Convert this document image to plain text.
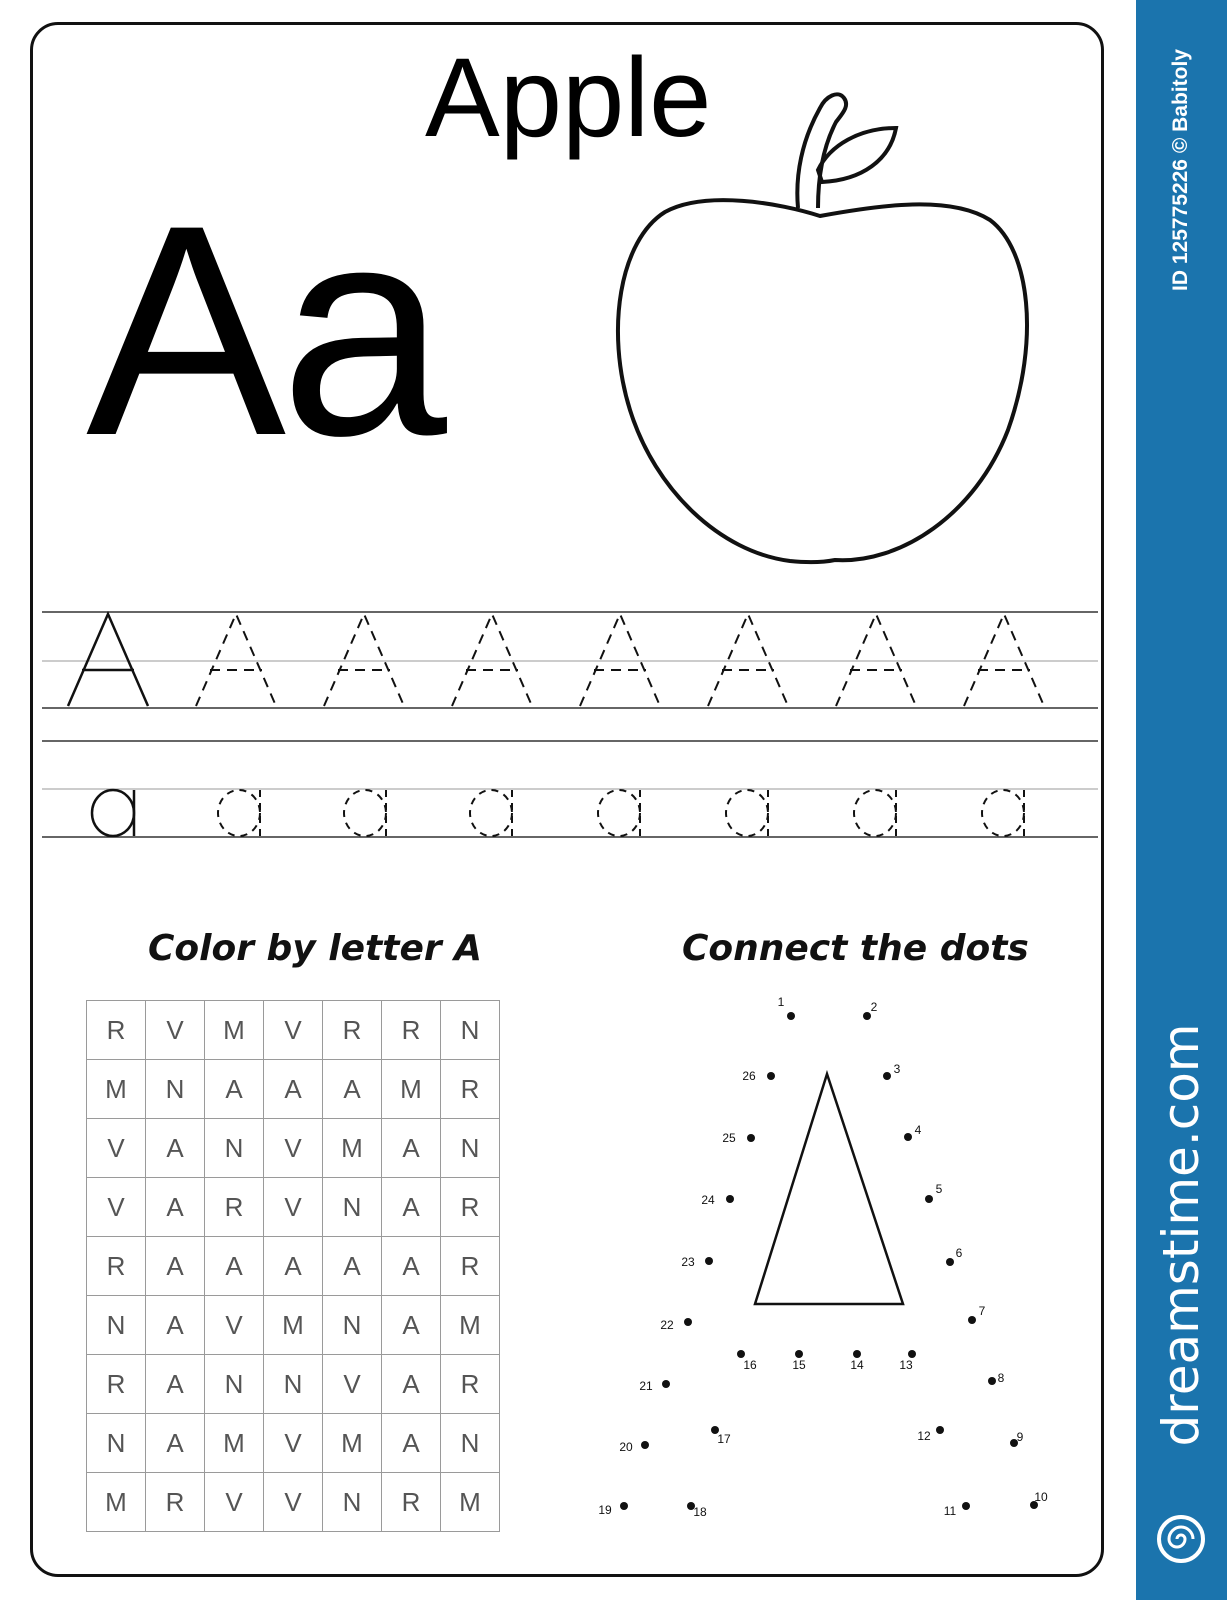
Apple
Aa
Color by letter A	Connect the dots
R	V	M	V	R	R	N
M	N	A	A	A	M	R
V	A	N	V	M	A	N
V	A	R	V	N	A	R
R	A	A	A	A	A	R
N	A	V	M	N	A	M
R	A	N	N	V	A	R
N	A	M	V	M	A	N
M	R	V	V	N	R	M
1	2
3
4
5
6
7
8
9
10
11
12
13
14
15
16
17
18
19
20
21
22
23
24
25
26
ID 125775226 © Babitoly
dreamstime.com
